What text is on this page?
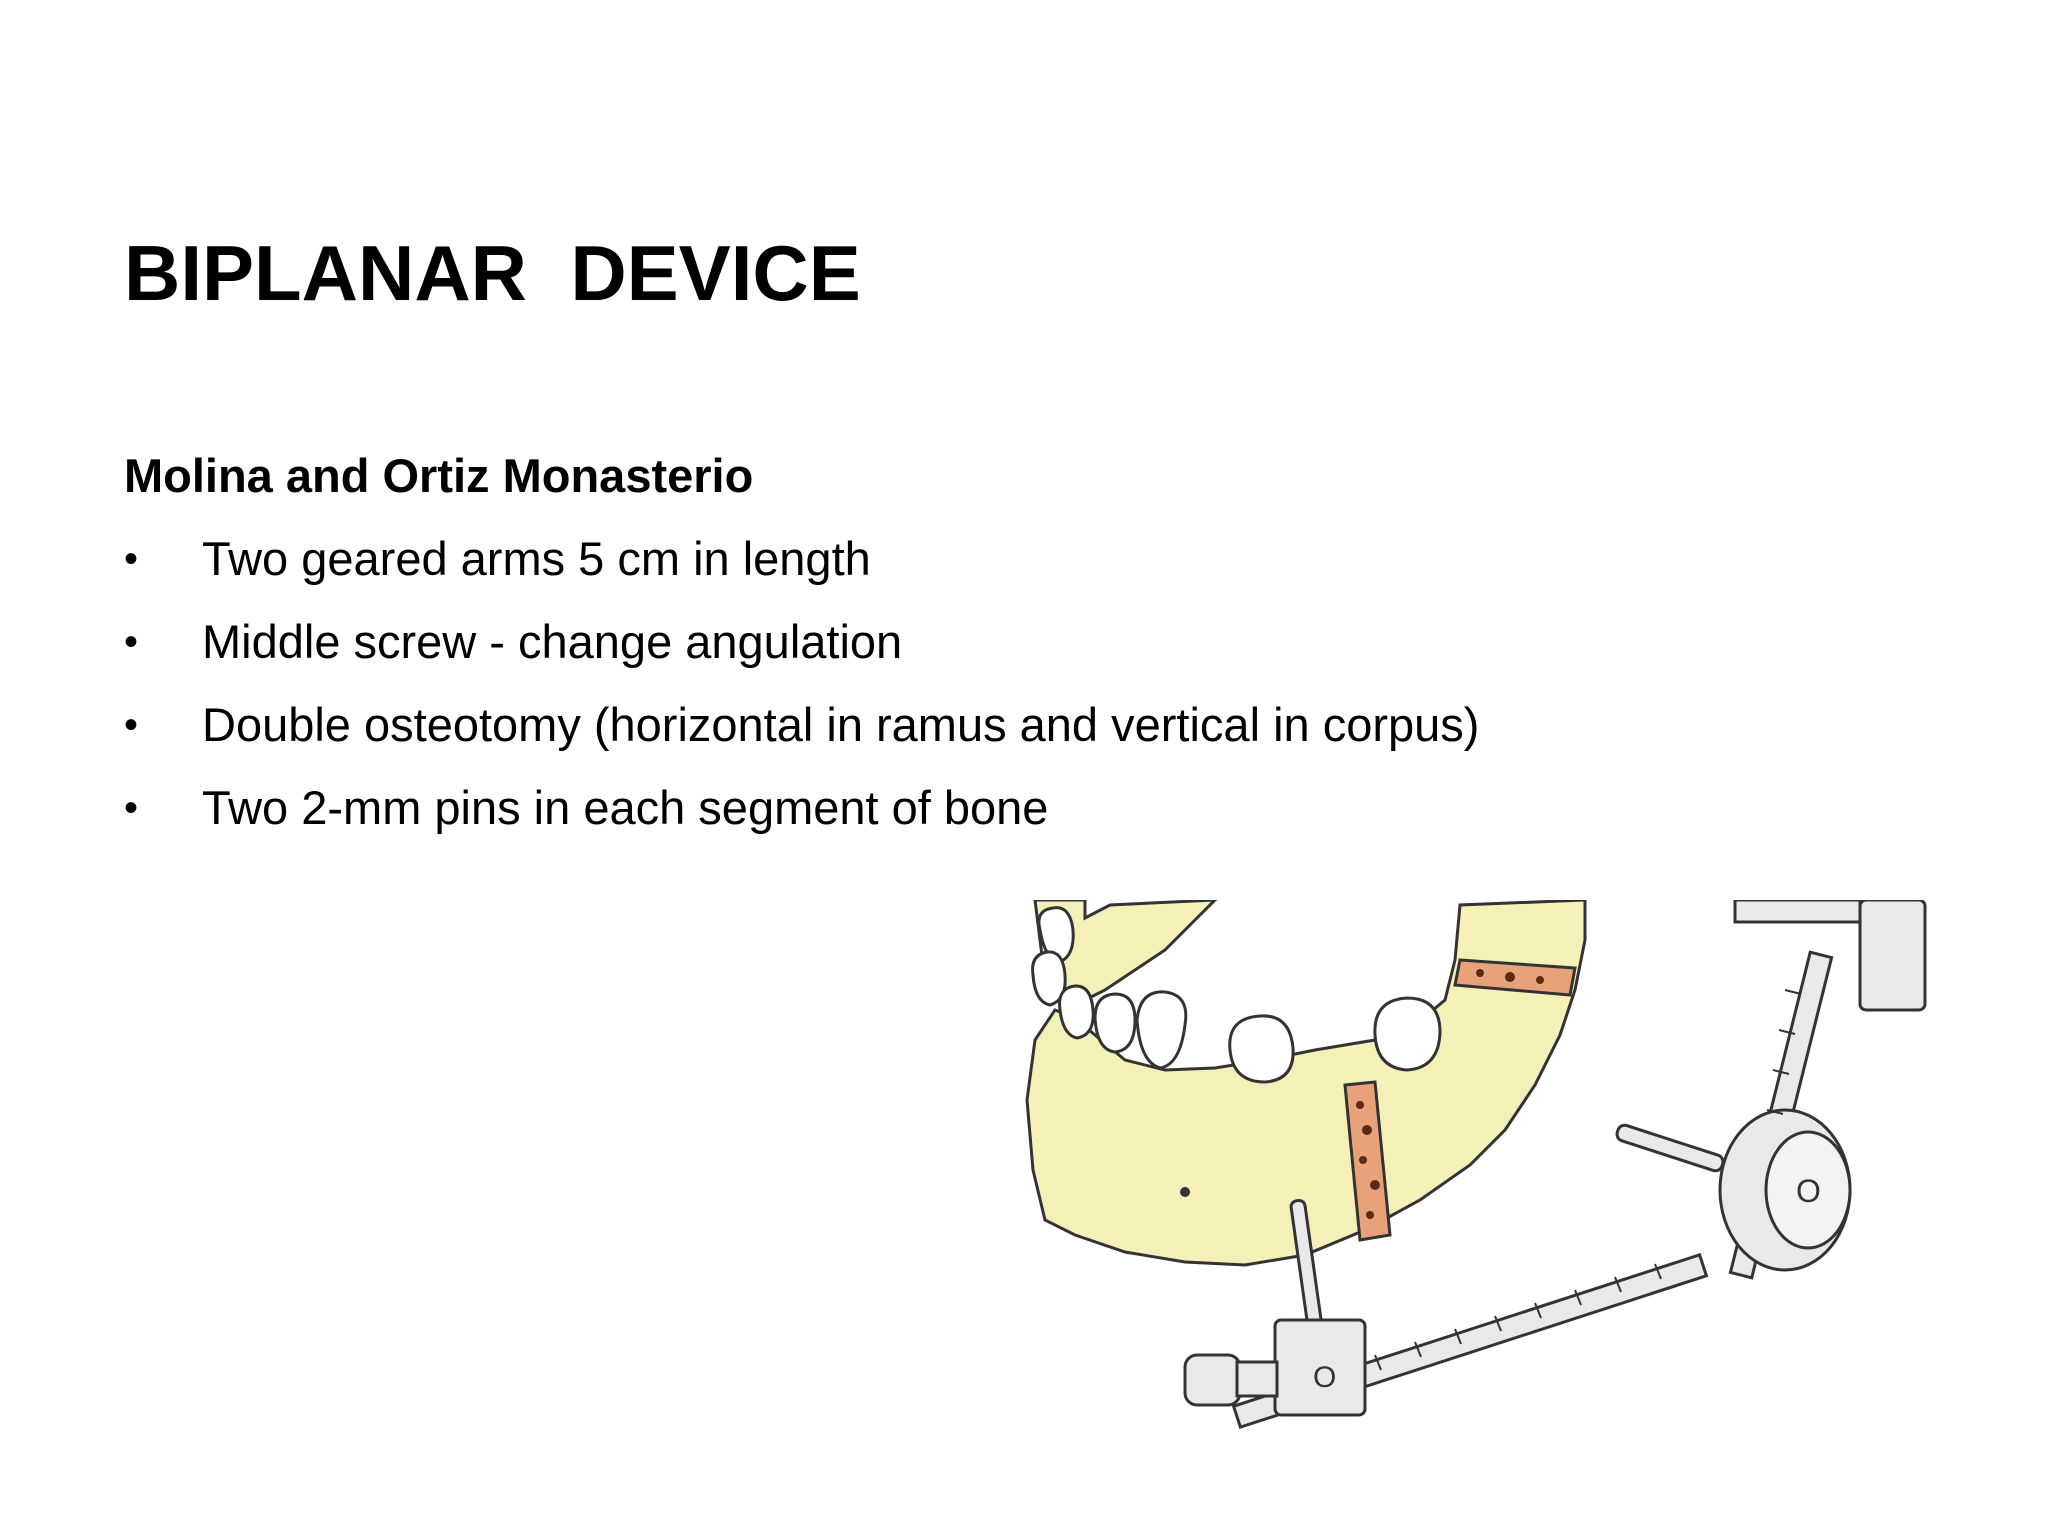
BIPLANAR  DEVICE

Molina and Ortiz Monasterio

• Two geared arms 5 cm in length
• Middle screw - change angulation
• Double osteotomy (horizontal in ramus and vertical in corpus)
• Two 2-mm pins in each segment of bone
O
O
